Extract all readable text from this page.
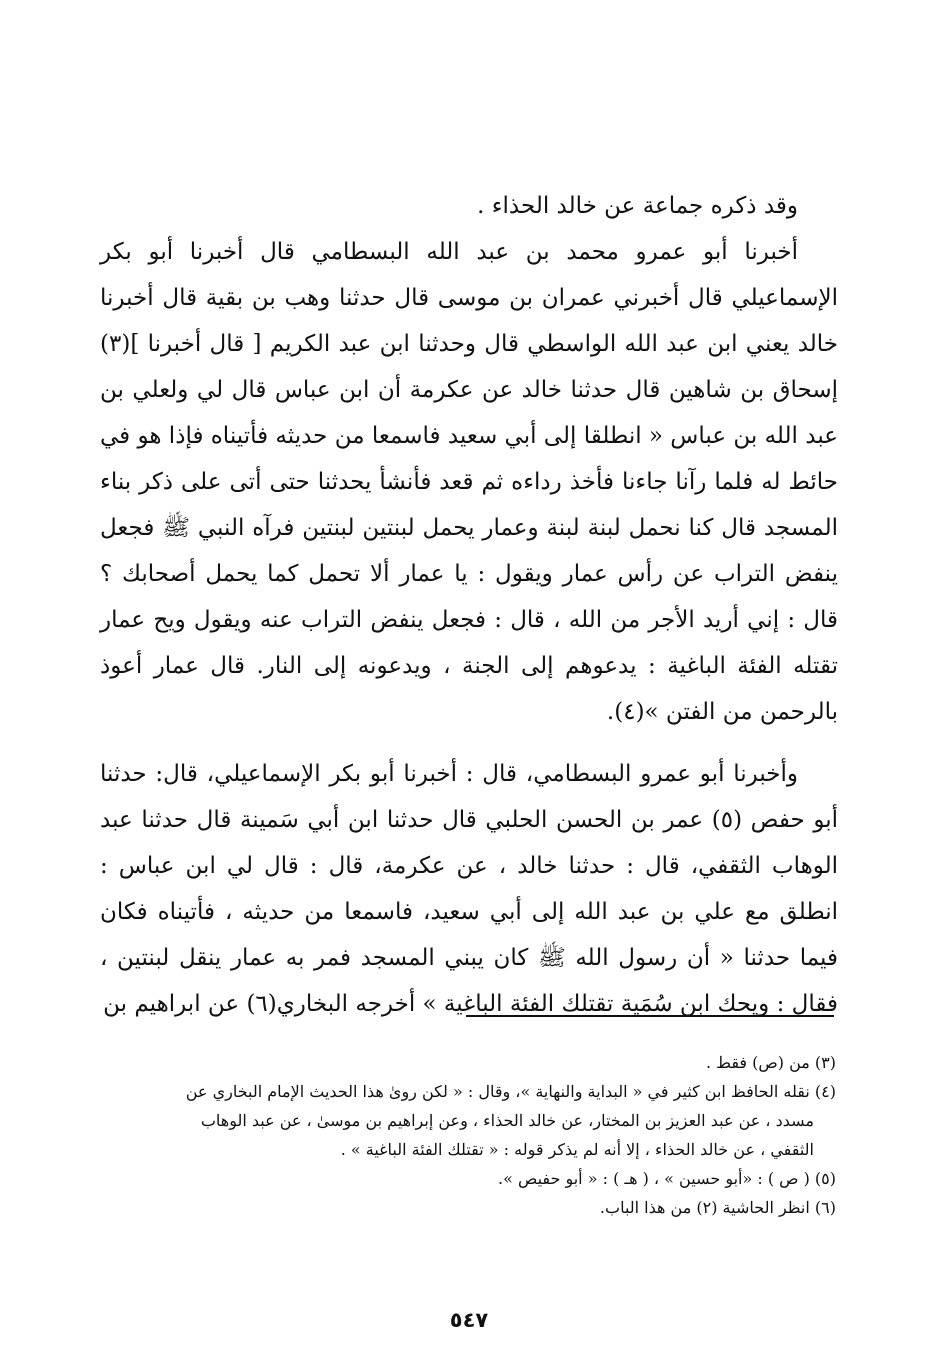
وقد ذكره جماعة عن خالد الحذاء .

أخبرنا أبو عمرو محمد بن عبد الله البسطامي قال أخبرنا أبو بكر الإسماعيلي قال أخبرني عمران بن موسى قال حدثنا وهب بن بقية قال أخبرنا خالد يعني ابن عبد الله الواسطي قال وحدثنا ابن عبد الكريم [ قال أخبرنا ](٣) إسحاق بن شاهين قال حدثنا خالد عن عكرمة أن ابن عباس قال لي ولعلي بن عبد الله بن عباس « انطلقا إلى أبي سعيد فاسمعا من حديثه فأتيناه فإذا هو في حائط له فلما رآنا جاءنا فأخذ رداءه ثم قعد فأنشأ يحدثنا حتى أتى على ذكر بناء المسجد قال كنا نحمل لبنة لبنة وعمار يحمل لبنتين لبنتين فرآه النبي ﷺ فجعل ينفض التراب عن رأس عمار ويقول : يا عمار ألا تحمل كما يحمل أصحابك ؟ قال : إني أريد الأجر من الله ، قال : فجعل ينفض التراب عنه ويقول ويح عمار تقتله الفئة الباغية : يدعوهم إلى الجنة ، ويدعونه إلى النار. قال عمار أعوذ بالرحمن من الفتن »(٤).

وأخبرنا أبو عمرو البسطامي، قال : أخبرنا أبو بكر الإسماعيلي، قال: حدثنا أبو حفص (٥) عمر بن الحسن الحلبي قال حدثنا ابن أبي سَمينة قال حدثنا عبد الوهاب الثقفي، قال : حدثنا خالد ، عن عكرمة، قال : قال لي ابن عباس : انطلق مع علي بن عبد الله إلى أبي سعيد، فاسمعا من حديثه ، فأتيناه فكان فيما حدثنا « أن رسول الله ﷺ كان يبني المسجد فمر به عمار ينقل لبنتين ، فقال : ويحك ابن سُمَية تقتلك الفئة الباغية » أخرجه البخاري(٦) عن ابراهيم بن

(٣) من (ص) فقط .

(٤) نقله الحافظ ابن كثير في « البداية والنهاية »، وقال : « لكن روىٰ هذا الحديث الإمام البخاري عن

مسدد ، عن عبد العزيز بن المختار، عن خالد الحذاء ، وعن إبراهيم بن موسىٰ ، عن عبد الوهاب

الثقفي ، عن خالد الحذاء ، إلا أنه لم يذكر قوله : « تقتلك الفئة الباغية » .

(٥) ( ص ) : «أبو حسين » ، ( هـ ) : « أبو حفيص ».

(٦) انظر الحاشية (٢) من هذا الباب.

٥٤٧
